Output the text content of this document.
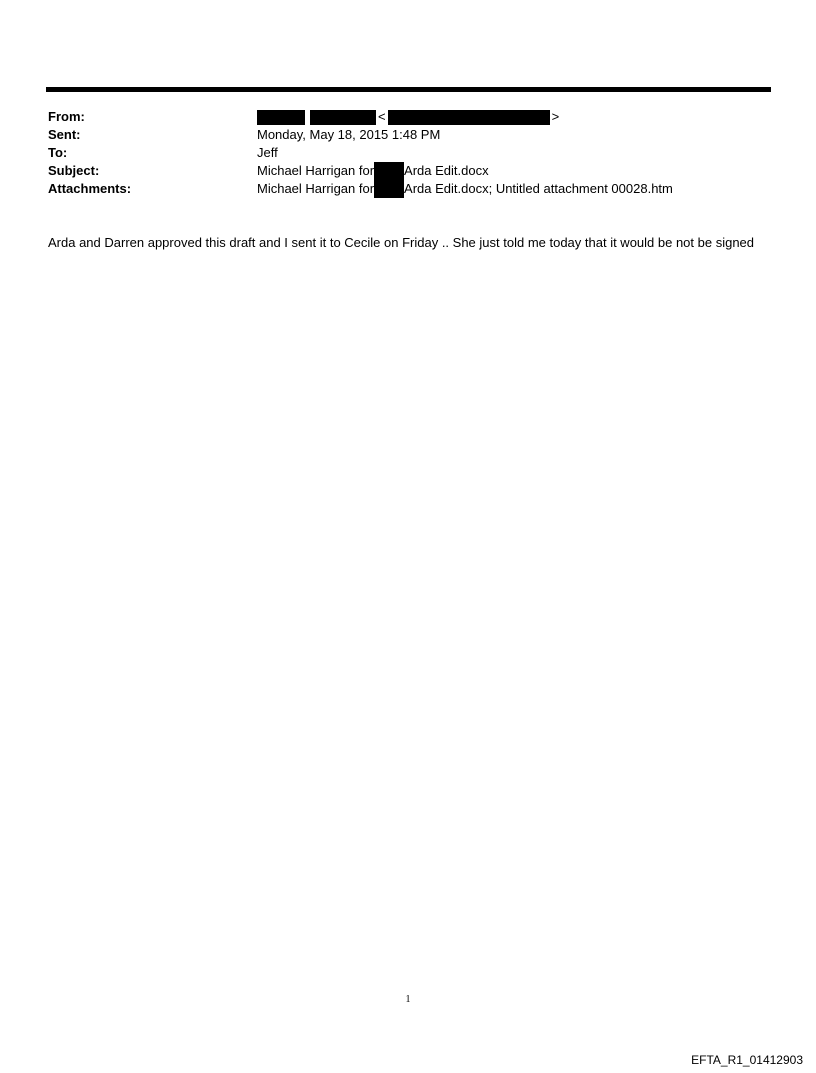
From:	<	>
Sent:	Monday, May 18, 2015 1:48 PM
To:	Jeff
Subject:	Michael Harrigan for Arda Edit.docx
Attachments:	Michael Harrigan for Arda Edit.docx; Untitled attachment 00028.htm
Arda and Darren approved this draft and I sent it to Cecile on Friday .. She just told me today that it would be not be signed
1
EFTA_R1_01412903
